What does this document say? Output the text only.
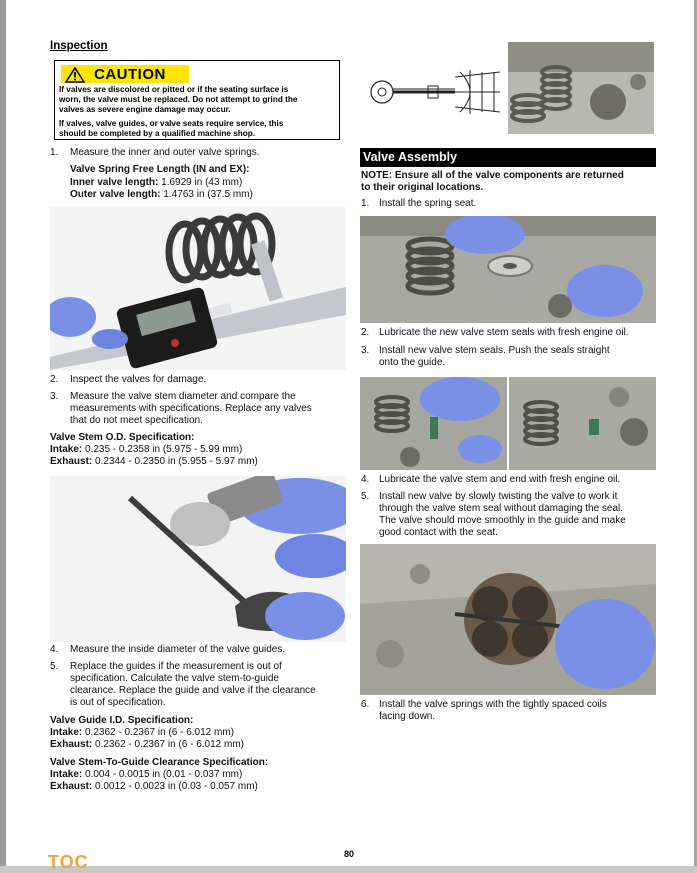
Inspection
CAUTION
If valves are discolored or pitted or if the seating surface is
worn, the valve must be replaced. Do not attempt to grind the
valves as severe engine damage may occur.
If valves, valve guides, or valve seats require service, this
should be completed by a qualified machine shop.
1. Measure the inner and outer valve springs.
Valve Spring Free Length (IN and EX):
Inner valve length: 1.6929 in (43 mm)
Outer valve length: 1.4763 in (37.5 mm)
2. Inspect the valves for damage.
3. Measure the valve stem diameter and compare the
measurements with specifications. Replace any valves
that do not meet specification.
Valve Stem O.D. Specification:
Intake: 0.235 - 0.2358 in (5.975 - 5.99 mm)
Exhaust: 0.2344 - 0.2350 in (5.955 - 5.97 mm)
4. Measure the inside diameter of the valve guides.
5. Replace the guides if the measurement is out of
specification. Calculate the valve stem-to-guide
clearance. Replace the guide and valve if the clearance
is out of specification.
Valve Guide I.D. Specification:
Intake: 0.2362 - 0.2367 in (6 - 6.012 mm)
Exhaust: 0.2362 - 0.2367 in (6 - 6.012 mm)
Valve Stem-To-Guide Clearance Specification:
Intake: 0.004 - 0.0015 in (0.01 - 0.037 mm)
Exhaust: 0.0012 - 0.0023 in (0.03 - 0.057 mm)
Valve Assembly
NOTE: Ensure all of the valve components are returned
to their original locations.
1. Install the spring seat.
2. Lubricate the new valve stem seals with fresh engine oil.
3. Install new valve stem seals. Push the seals straight
onto the guide.
4. Lubricate the valve stem and end with fresh engine oil.
5. Install new valve by slowly twisting the valve to work it
through the valve stem seal without damaging the seal.
The valve should move smoothly in the guide and make
good contact with the seat.
6. Install the valve springs with the tightly spaced coils
facing down.
80
TOC
